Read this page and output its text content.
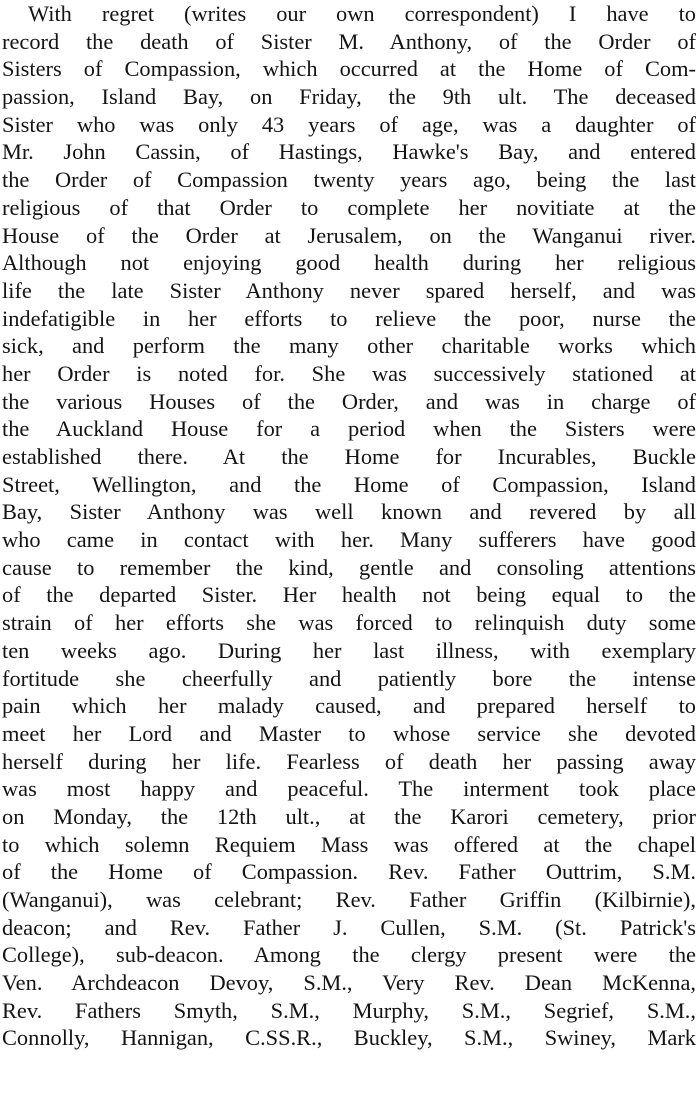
With regret (writes our own correspondent) I have to
record the death of Sister M. Anthony, of the Order of
Sisters of Compassion, which occurred at the Home of Com-
passion, Island Bay, on Friday, the 9th ult. The deceased
Sister who was only 43 years of age, was a daughter of
Mr. John Cassin, of Hastings, Hawke's Bay, and entered
the Order of Compassion twenty years ago, being the last
religious of that Order to complete her novitiate at the
House of the Order at Jerusalem, on the Wanganui river.
Although not enjoying good health during her religious
life the late Sister Anthony never spared herself, and was
indefatigible in her efforts to relieve the poor, nurse the
sick, and perform the many other charitable works which
her Order is noted for. She was successively stationed at
the various Houses of the Order, and was in charge of
the Auckland House for a period when the Sisters were
established there. At the Home for Incurables, Buckle
Street, Wellington, and the Home of Compassion, Island
Bay, Sister Anthony was well known and revered by all
who came in contact with her. Many sufferers have good
cause to remember the kind, gentle and consoling attentions
of the departed Sister. Her health not being equal to the
strain of her efforts she was forced to relinquish duty some
ten weeks ago. During her last illness, with exemplary
fortitude she cheerfully and patiently bore the intense
pain which her malady caused, and prepared herself to
meet her Lord and Master to whose service she devoted
herself during her life. Fearless of death her passing away
was most happy and peaceful. The interment took place
on Monday, the 12th ult., at the Karori cemetery, prior
to which solemn Requiem Mass was offered at the chapel
of the Home of Compassion. Rev. Father Outtrim, S.M.
(Wanganui), was celebrant; Rev. Father Griffin (Kilbirnie),
deacon; and Rev. Father J. Cullen, S.M. (St. Patrick's
College), sub-deacon. Among the clergy present were the
Ven. Archdeacon Devoy, S.M., Very Rev. Dean McKenna,
Rev. Fathers Smyth, S.M., Murphy, S.M., Segrief, S.M.,
Connolly, Hannigan, C.SS.R., Buckley, S.M., Swiney, Mark
